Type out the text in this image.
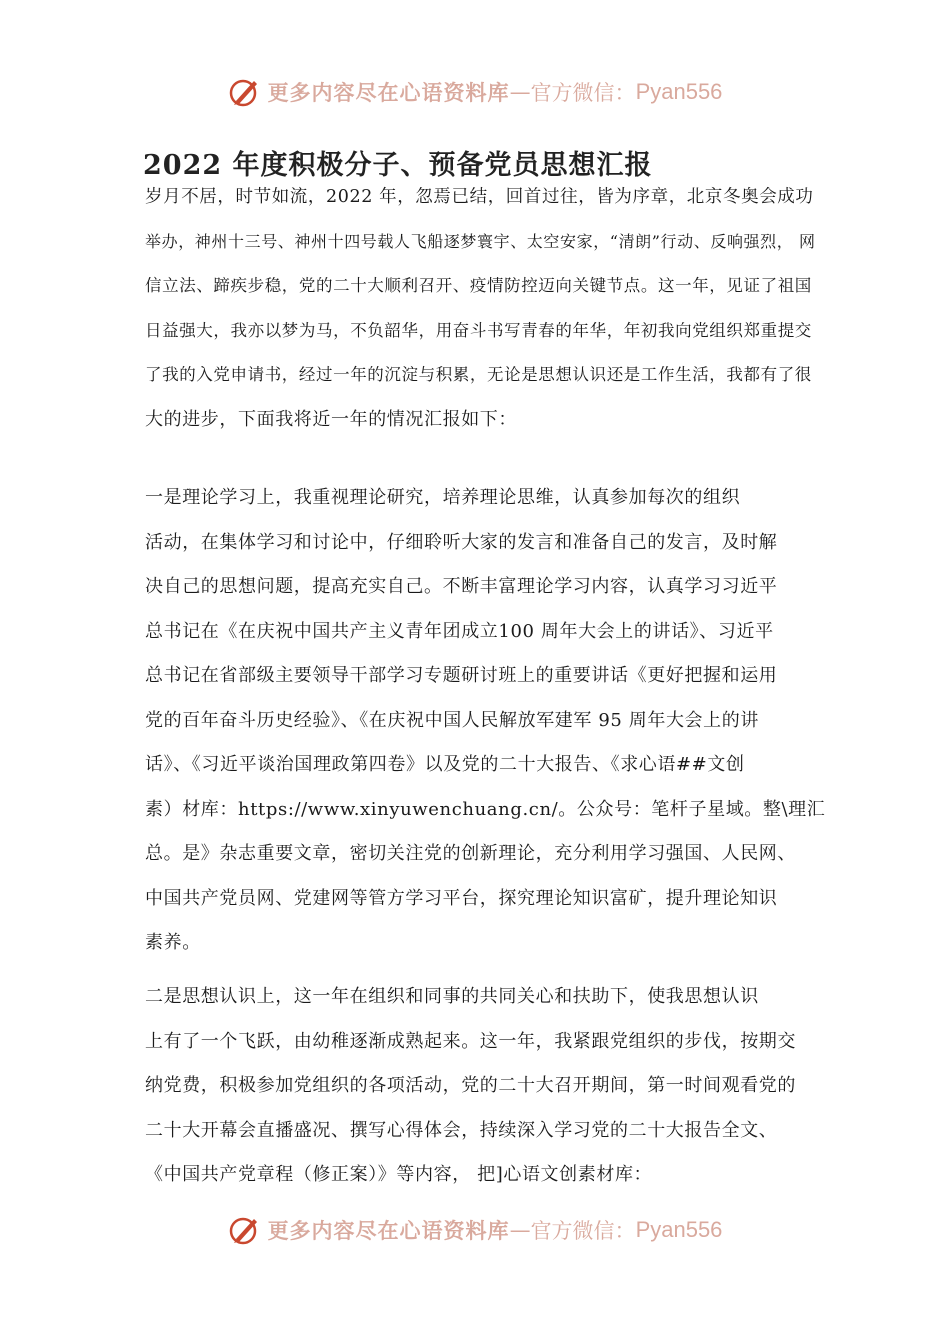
更多内容尽在心语资料库 — 官方微信： Pyan556
2022 年度积极分子、预备党员思想汇报

岁月不居，时节如流，2022 年，忽焉已结，回首过往，皆为序章，北京冬奥会成功
举办，神州十三号、神州十四号载人飞船逐梦寰宇、太空安家，“清朗”行动、反响强烈， 网
信立法、蹄疾步稳，党的二十大顺利召开、疫情防控迈向关键节点。这一年，见证了祖国
日益强大，我亦以梦为马，不负韶华，用奋斗书写青春的年华，年初我向党组织郑重提交
了我的入党申请书，经过一年的沉淀与积累，无论是思想认识还是工作生活，我都有了很
大的进步，下面我将近一年的情况汇报如下：

一是理论学习上，我重视理论研究，培养理论思维，认真参加每次的组织
活动，在集体学习和讨论中，仔细聆听大家的发言和准备自己的发言，及时解
决自己的思想问题，提高充实自己。不断丰富理论学习内容，认真学习习近平
总书记在《在庆祝中国共产主义青年团成立100 周年大会上的讲话》、习近平
总书记在省部级主要领导干部学习专题研讨班上的重要讲话《更好把握和运用
党的百年奋斗历史经验》、《在庆祝中国人民解放军建军 95 周年大会上的讲
话》、《习近平谈治国理政第四卷》以及党的二十大报告、《求心语##文创
素）材库：https://www.xinyuwenchuang.cn/。公众号：笔杆子星域。整\理汇
总。是》杂志重要文章，密切关注党的创新理论，充分利用学习强国、人民网、
中国共产党员网、党建网等管方学习平台，探究理论知识富矿，提升理论知识
素养。

二是思想认识上，这一年在组织和同事的共同关心和扶助下，使我思想认识
上有了一个飞跃，由幼稚逐渐成熟起来。这一年，我紧跟党组织的步伐，按期交
纳党费，积极参加党组织的各项活动，党的二十大召开期间，第一时间观看党的
二十大开幕会直播盛况、撰写心得体会，持续深入学习党的二十大报告全文、
《中国共产党章程（修正案）》等内容， 把]心语文创素材库：

更多内容尽在心语资料库 — 官方微信： Pyan556
